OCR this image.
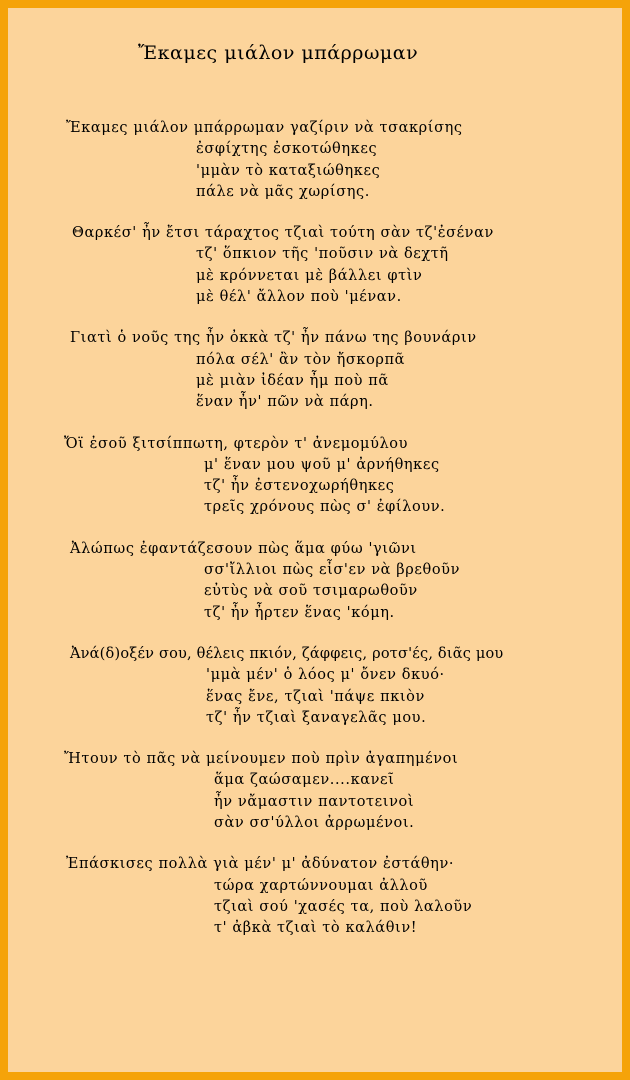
Ἔκαμες μιάλον μπάρρωμαν
Ἔκαμες μιάλον μπάρρωμαν γαζίριν νὰ τσακρίσης
ἐσφίχτης ἐσκοτώθηκες
'μμὰν τὸ καταξιώθηκες
πάλε νὰ μᾶς χωρίσης.
Θαρκέσ' ἦν ἔτσι τάραχτος τζιαὶ τούτη σὰν τζ'ἐσέναν
τζ' ὅπκιον τῆς 'ποῦσιν νὰ δεχτῆ
μὲ κρόννεται μὲ βάλλει φτὶν
μὲ θέλ' ἄλλον ποὺ 'μέναν.
Γιατὶ ὁ νοῦς της ἦν ὀκκὰ τζ' ἦν πάνω της βουνάριν
πόλα σέλ' ἂν τὸν ἤσκορπᾶ
μὲ μιὰν ἰδέαν ἦμ ποὺ πᾶ
ἕναν ἦν' πῶν νὰ πάρη.
Ὄϊ ἐσοῦ ξιτσίππωτη, φτερὸν τ' ἀνεμομύλου
μ' ἕναν μου ψοῦ μ' ἀρνήθηκες
τζ' ἦν ἐστενοχωρήθηκες
τρεῖς χρόνους πὼς σ' ἐφίλουν.
Ἀλώπως ἐφαντάζεσουν πὼς ἅμα φύω 'γιῶνι
σσ'ἴλλιοι πὼς εἶσ'εν νὰ βρεθοῦν
εὐτὺς νὰ σοῦ τσιμαρωθοῦν
τζ' ἦν ἦρτεν ἕνας 'κόμη.
Ἀνά(δ)οξέν σου, θέλεις πκιόν, ζάφφεις, ροτσ'ές, διᾶς μου
'μμὰ μέν' ὁ λόος μ' ὄνεν δκυό·
ἕνας ἔνε, τζιαὶ 'πάψε πκιὸν
τζ' ἦν τζιαὶ ξαναγελᾶς μου.
Ἤτουν τὸ πᾶς νὰ μείνουμεν ποὺ πρὶν ἀγαπημένοι
ἅμα ζαώσαμεν....κανεῖ
ἦν νἄμαστιν παντοτεινοὶ
σὰν σσ'ύλλοι ἀρρωμένοι.
Ἐπάσκισες πολλὰ γιὰ μέν' μ' ἀδύνατον ἐστάθην·
τώρα χαρτώννουμαι ἀλλοῦ
τζιαὶ σού 'χασές τα, ποὺ λαλοῦν
τ' ἀβκὰ τζιαὶ τὸ καλάθιν!
